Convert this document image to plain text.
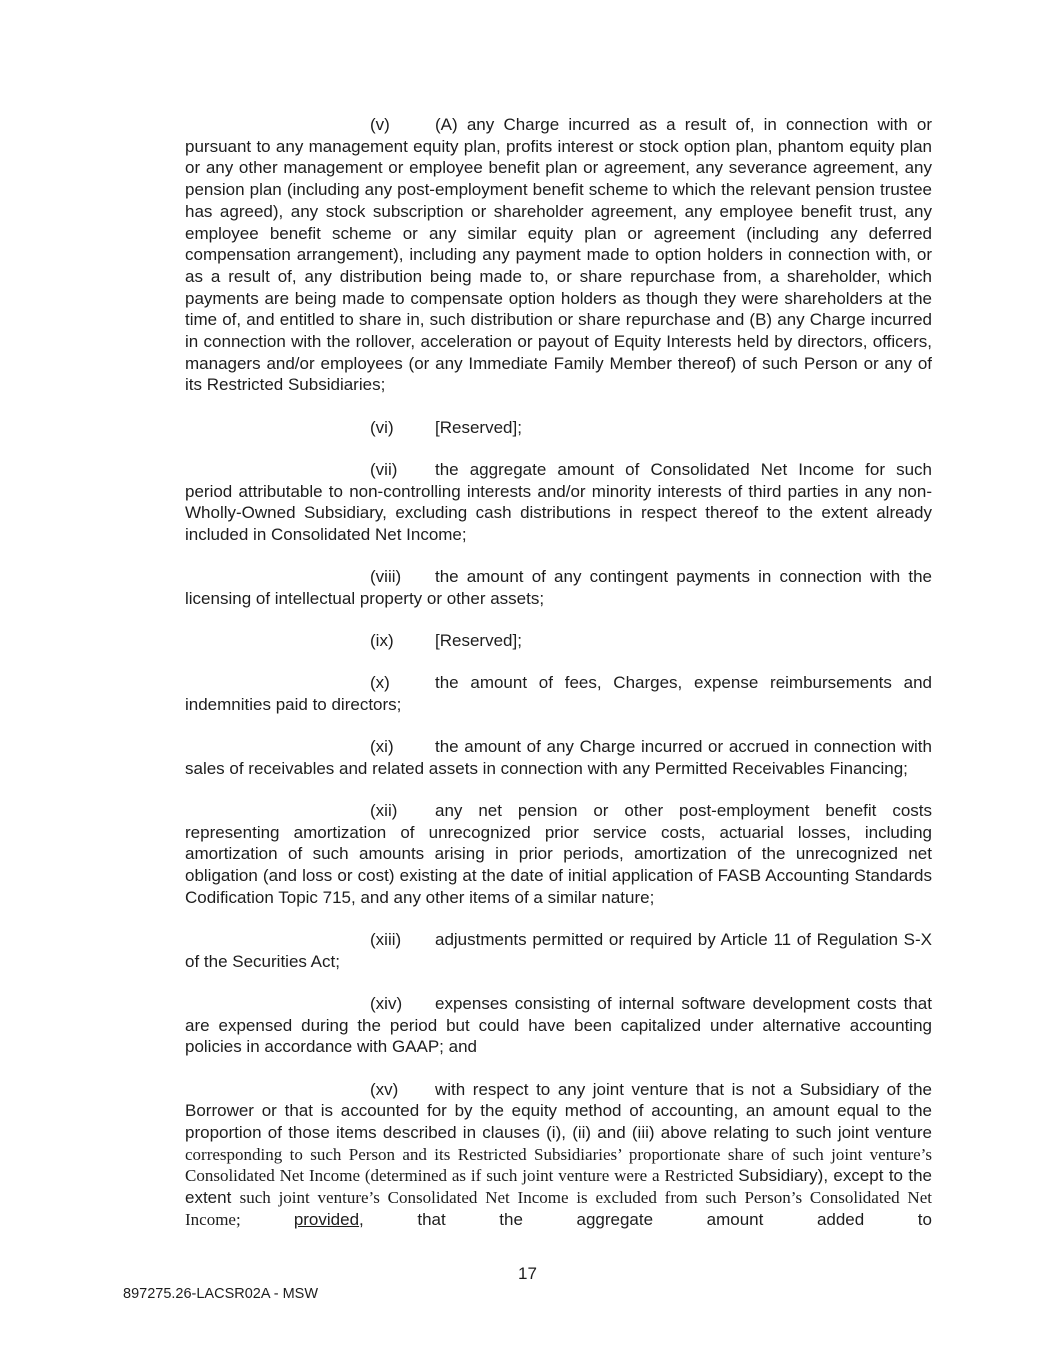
(v)	(A) any Charge incurred as a result of, in connection with or pursuant to any management equity plan, profits interest or stock option plan, phantom equity plan or any other management or employee benefit plan or agreement, any severance agreement, any pension plan (including any post-employment benefit scheme to which the relevant pension trustee has agreed), any stock subscription or shareholder agreement, any employee benefit trust, any employee benefit scheme or any similar equity plan or agreement (including any deferred compensation arrangement), including any payment made to option holders in connection with, or as a result of, any distribution being made to, or share repurchase from, a shareholder, which payments are being made to compensate option holders as though they were shareholders at the time of, and entitled to share in, such distribution or share repurchase and (B) any Charge incurred in connection with the rollover, acceleration or payout of Equity Interests held by directors, officers, managers and/or employees (or any Immediate Family Member thereof) of such Person or any of its Restricted Subsidiaries;

(vi) [Reserved];

(vii) the aggregate amount of Consolidated Net Income for such period attributable to non-controlling interests and/or minority interests of third parties in any non-Wholly-Owned Subsidiary, excluding cash distributions in respect thereof to the extent already included in Consolidated Net Income;

(viii) the amount of any contingent payments in connection with the licensing of intellectual property or other assets;

(ix) [Reserved];

(x)	the amount of fees, Charges, expense reimbursements and indemnities paid to directors;

(xi) the amount of any Charge incurred or accrued in connection with sales of receivables and related assets in connection with any Permitted Receivables Financing;

(xii) any net pension or other post-employment benefit costs representing amortization of unrecognized prior service costs, actuarial losses, including amortization of such amounts arising in prior periods, amortization of the unrecognized net obligation (and loss or cost) existing at the date of initial application of FASB Accounting Standards Codification Topic 715, and any other items of a similar nature;

(xiii) adjustments permitted or required by Article 11 of Regulation S-X of the Securities Act;

(xiv) expenses consisting of internal software development costs that are expensed during the period but could have been capitalized under alternative accounting policies in accordance with GAAP; and

(xv) with respect to any joint venture that is not a Subsidiary of the Borrower or that is accounted for by the equity method of accounting, an amount equal to the proportion of those items described in clauses (i), (ii) and (iii) above relating to such joint venture corresponding to such Person and its Restricted Subsidiaries’ proportionate share of such joint venture’s Consolidated Net Income (determined as if such joint venture were a Restricted Subsidiary), except to the extent such joint venture’s Consolidated Net Income is excluded from such Person’s Consolidated Net Income; provided, that the aggregate amount added to

17
897275.26-LACSR02A - MSW
